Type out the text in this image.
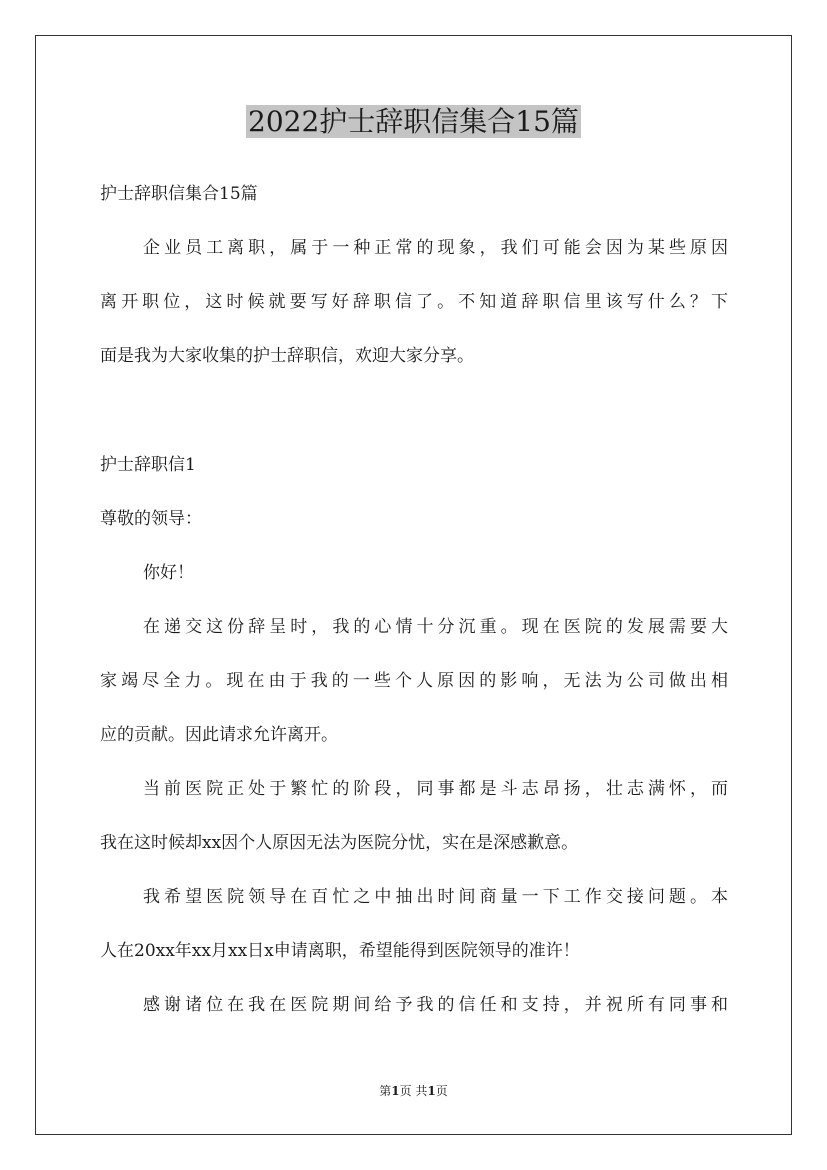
2022护士辞职信集合15篇

护士辞职信集合15篇

企业员工离职，属于一种正常的现象，我们可能会因为某些原因

离开职位，这时候就要写好辞职信了。不知道辞职信里该写什么？下

面是我为大家收集的护士辞职信，欢迎大家分享。

护士辞职信1

尊敬的领导：

你好！

在递交这份辞呈时，我的心情十分沉重。现在医院的发展需要大

家竭尽全力。现在由于我的一些个人原因的影响，无法为公司做出相

应的贡献。因此请求允许离开。

当前医院正处于繁忙的阶段，同事都是斗志昂扬，壮志满怀，而

我在这时候却xx因个人原因无法为医院分忧，实在是深感歉意。

我希望医院领导在百忙之中抽出时间商量一下工作交接问题。本

人在20xx年xx月xx日x申请离职，希望能得到医院领导的准许！

感谢诸位在我在医院期间给予我的信任和支持，并祝所有同事和

第1页 共1页
